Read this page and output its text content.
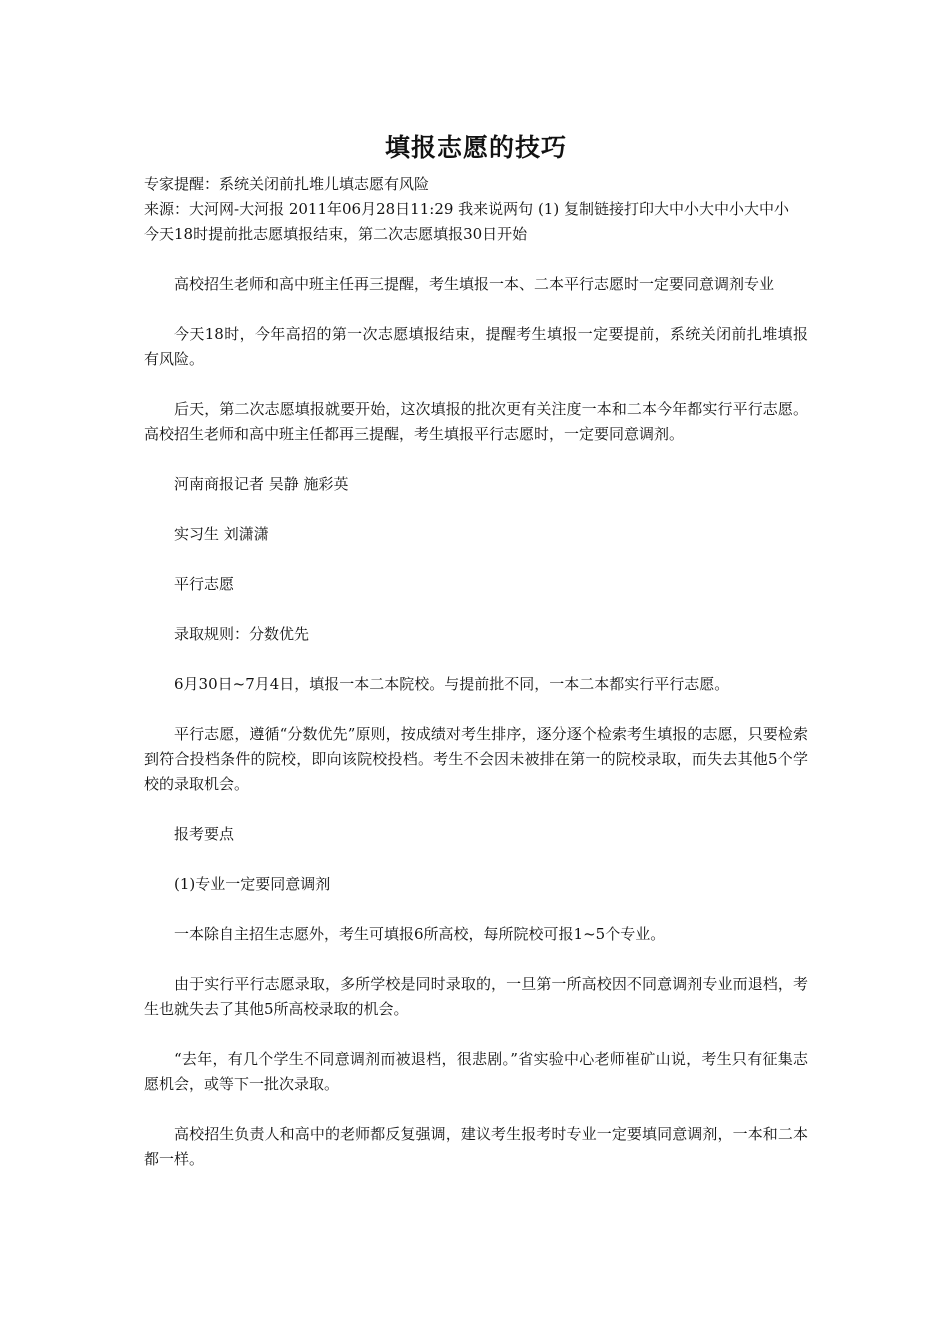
填报志愿的技巧

专家提醒：系统关闭前扎堆儿填志愿有风险

来源：大河网-大河报 2011年06月28日11:29 我来说两句 (1) 复制链接打印大中小大中小大中小　　今天18时提前批志愿填报结束，第二次志愿填报30日开始

高校招生老师和高中班主任再三提醒，考生填报一本、二本平行志愿时一定要同意调剂专业

今天18时，今年高招的第一次志愿填报结束，提醒考生填报一定要提前，系统关闭前扎堆填报有风险。

后天，第二次志愿填报就要开始，这次填报的批次更有关注度一本和二本今年都实行平行志愿。高校招生老师和高中班主任都再三提醒，考生填报平行志愿时，一定要同意调剂。

河南商报记者 吴静 施彩英

实习生 刘潇潇

平行志愿

录取规则：分数优先

6月30日~7月4日，填报一本二本院校。与提前批不同，一本二本都实行平行志愿。

平行志愿，遵循“分数优先”原则，按成绩对考生排序，逐分逐个检索考生填报的志愿，只要检索到符合投档条件的院校，即向该院校投档。考生不会因未被排在第一的院校录取，而失去其他5个学校的录取机会。

报考要点

(1)专业一定要同意调剂

一本除自主招生志愿外，考生可填报6所高校，每所院校可报1~5个专业。

由于实行平行志愿录取，多所学校是同时录取的，一旦第一所高校因不同意调剂专业而退档，考生也就失去了其他5所高校录取的机会。

“去年，有几个学生不同意调剂而被退档，很悲剧。”省实验中心老师崔矿山说，考生只有征集志愿机会，或等下一批次录取。

高校招生负责人和高中的老师都反复强调，建议考生报考时专业一定要填同意调剂，一本和二本都一样。
